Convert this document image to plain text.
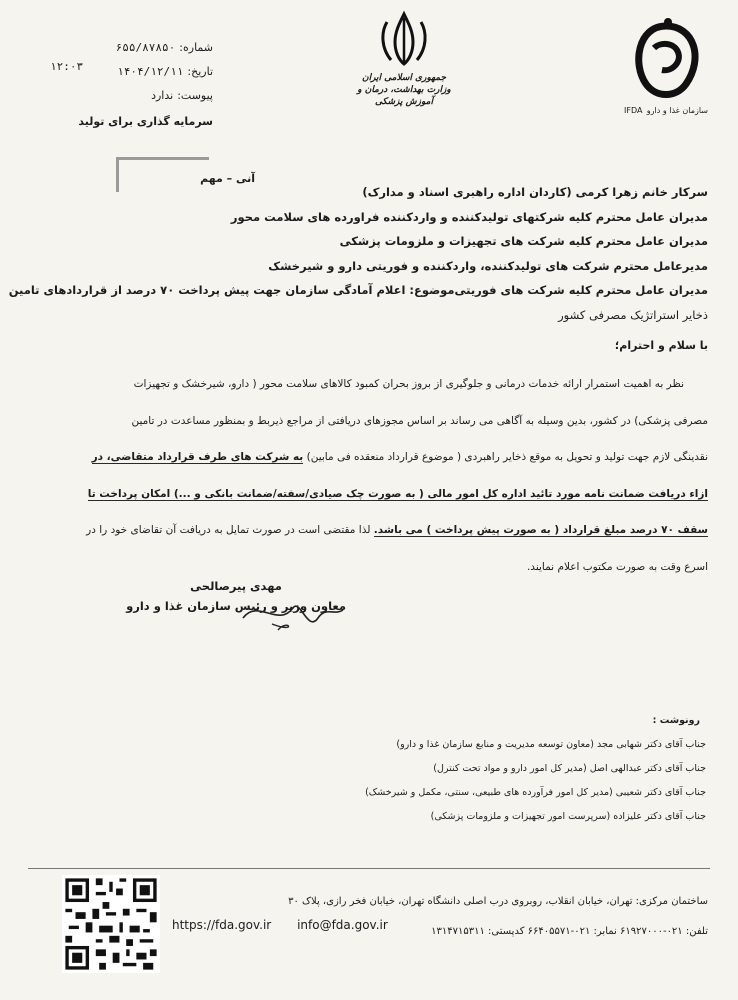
شماره:
۶۵۵/۸۷۸۵۰
تاریخ:
۱۴۰۴/۱۲/۱۱
پیوست:
ندارد
سرمایه گذاری برای تولید
۱۲:۰۳
جمهوری اسلامی ایران
وزارت بهداشت، درمان و آموزش پزشکی
IFDA سازمان غذا و دارو
آنی – مهم
سرکار خانم زهرا کرمی (کاردان اداره راهبری اسناد و مدارک)
مدیران عامل محترم کلیه شرکتهای تولیدکننده و واردکننده فراورده های سلامت محور
مدیران عامل محترم کلیه شرکت های تجهیزات و ملزومات پزشکی
مدیرعامل محترم شرکت های تولیدکننده، واردکننده و فوریتی دارو و شیرخشک
مدیران عامل محترم کلیه شرکت های فوریتی‌موضوع: اعلام آمادگی سازمان جهت پیش پرداخت ۷۰ درصد از قراردادهای تامین
ذخایر استراتژیک مصرفی کشور
با سلام و احترام؛
نظر به اهمیت استمرار ارائه خدمات درمانی و جلوگیری از بروز بحران کمبود کالاهای سلامت محور ( دارو، شیرخشک و تجهیزات
مصرفی پزشکی) در کشور، بدین وسیله به آگاهی می رساند بر اساس مجوزهای دریافتی از مراجع ذیربط و بمنظور مساعدت در تامین
نقدینگی لازم جهت تولید و تحویل به موقع ذخایر راهبردی ( موضوع قرارداد منعقده فی مابین) به شرکت های طرف قرارداد متقاضی، در
ازاء دریافت ضمانت نامه مورد تائید اداره کل امور مالی ( به صورت چک صیادی/سفته/ضمانت بانکی و ...) امکان پرداخت تا
سقف ۷۰ درصد مبلغ قرارداد ( به صورت پیش پرداخت ) می باشد. لذا مقتضی است در صورت تمایل به دریافت آن تقاضای خود را در
اسرع وقت به صورت مکتوب اعلام نمایند.
مهدی پیرصالحی
معاون وزیر و رئیس سازمان غذا و دارو
رونوشت :
جناب آقای دکتر شهابی مجد (معاون توسعه مدیریت و منابع سازمان غذا و دارو)
جناب آقای دکتر عبدالهی اصل (مدیر کل امور دارو و مواد تحت کنترل)
جناب آقای دکتر شعیبی (مدیر کل امور فرآورده های طبیعی، سنتی، مکمل و شیرخشک)
جناب آقای دکتر علیزاده (سرپرست امور تجهیزات و ملزومات پزشکی)
ساختمان مرکزی: تهران، خیابان انقلاب، روبروی درب اصلی دانشگاه تهران، خیابان فخر رازی، پلاک ۳۰
تلفن: ۰۲۱-۶۱۹۲۷۰۰۰ نمابر: ۰۲۱-۶۶۴۰۵۵۷۱ کدپستی: ۱۳۱۴۷۱۵۳۱۱
https://fda.gov.ir info@fda.gov.ir
